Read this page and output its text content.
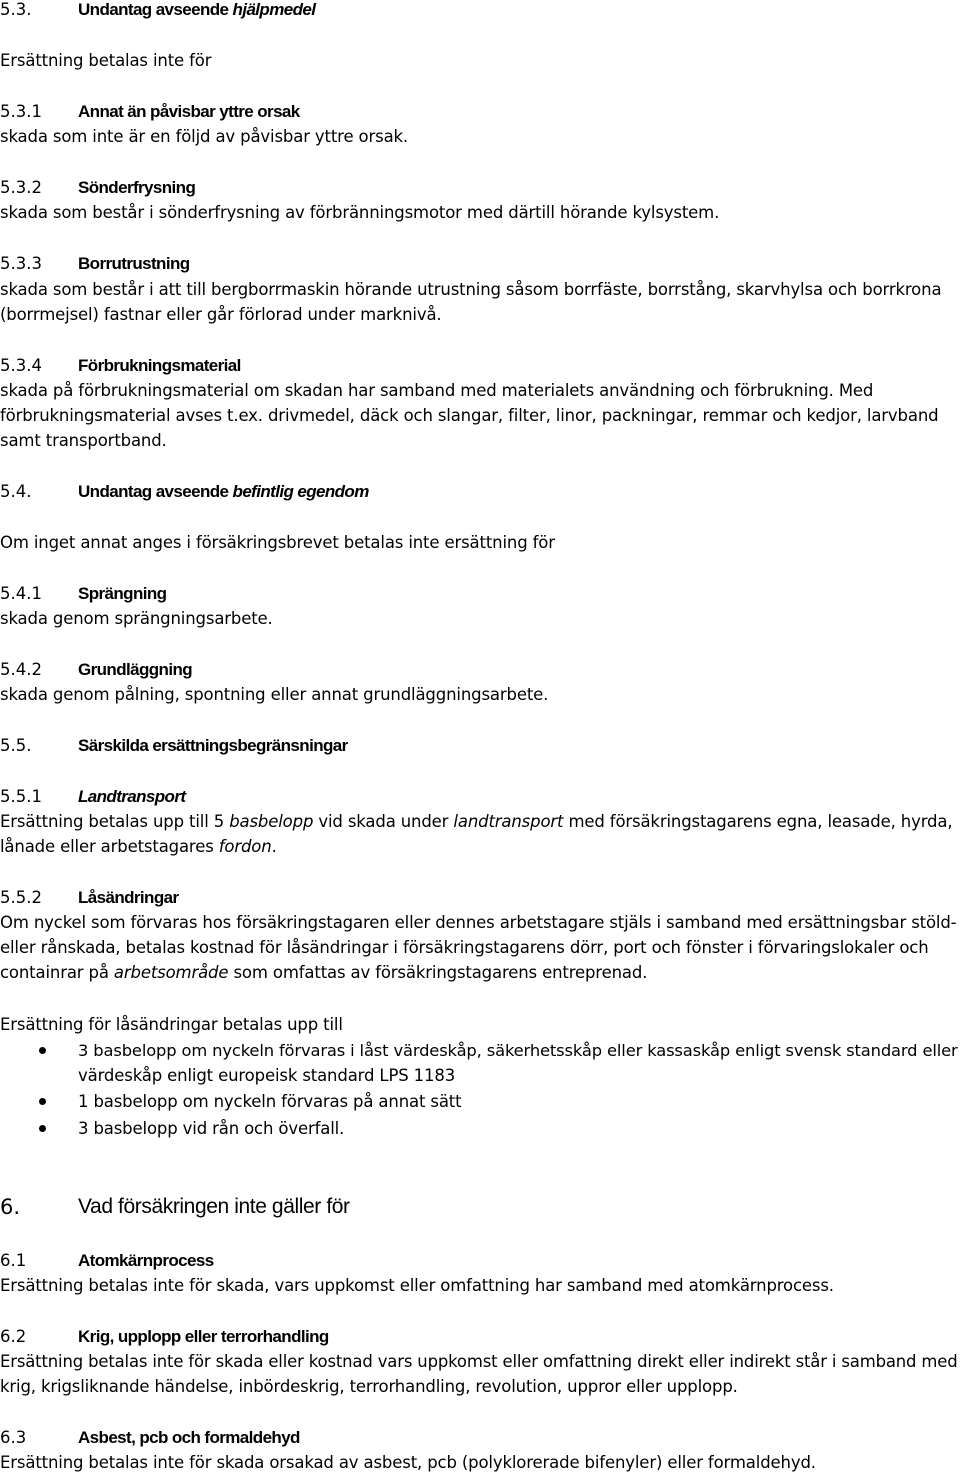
5.3.	Undantag avseende hjälpmedel
Ersättning betalas inte för
5.3.1 Annat än påvisbar yttre orsak
skada som inte är en följd av påvisbar yttre orsak.
5.3.2 Sönderfrysning
skada som består i sönderfrysning av förbränningsmotor med därtill hörande kylsystem.
5.3.3 Borrutrustning
skada som består i att till bergborrmaskin hörande utrustning såsom borrfäste, borrstång, skarvhylsa och borrkrona
(borrmejsel) fastnar eller går förlorad under marknivå.
5.3.4 Förbrukningsmaterial
skada på förbrukningsmaterial om skadan har samband med materialets användning och förbrukning. Med
förbrukningsmaterial avses t.ex. drivmedel, däck och slangar, filter, linor, packningar, remmar och kedjor, larvband
samt transportband.
5.4.	Undantag avseende befintlig egendom
Om inget annat anges i försäkringsbrevet betalas inte ersättning för
5.4.1 Sprängning
skada genom sprängningsarbete.
5.4.2 Grundläggning
skada genom pålning, spontning eller annat grundläggningsarbete.
5.5.	Särskilda ersättningsbegränsningar
5.5.1 Landtransport
Ersättning betalas upp till 5 basbelopp vid skada under landtransport med försäkringstagarens egna, leasade, hyrda,
lånade eller arbetstagares fordon.
5.5.2 Låsändringar
Om nyckel som förvaras hos försäkringstagaren eller dennes arbetstagare stjäls i samband med ersättningsbar stöld-
eller rånskada, betalas kostnad för låsändringar i försäkringstagarens dörr, port och fönster i förvaringslokaler och
containrar på arbetsområde som omfattas av försäkringstagarens entreprenad.
Ersättning för låsändringar betalas upp till
3 basbelopp om nyckeln förvaras i låst värdeskåp, säkerhetsskåp eller kassaskåp enligt svensk standard eller
värdeskåp enligt europeisk standard LPS 1183
1 basbelopp om nyckeln förvaras på annat sätt
3 basbelopp vid rån och överfall.
6.	Vad försäkringen inte gäller för
6.1	Atomkärnprocess
Ersättning betalas inte för skada, vars uppkomst eller omfattning har samband med atomkärnprocess.
6.2	Krig, upplopp eller terrorhandling
Ersättning betalas inte för skada eller kostnad vars uppkomst eller omfattning direkt eller indirekt står i samband med
krig, krigsliknande händelse, inbördeskrig, terrorhandling, revolution, uppror eller upplopp.
6.3	Asbest, pcb och formaldehyd
Ersättning betalas inte för skada orsakad av asbest, pcb (polyklorerade bifenyler) eller formaldehyd.
